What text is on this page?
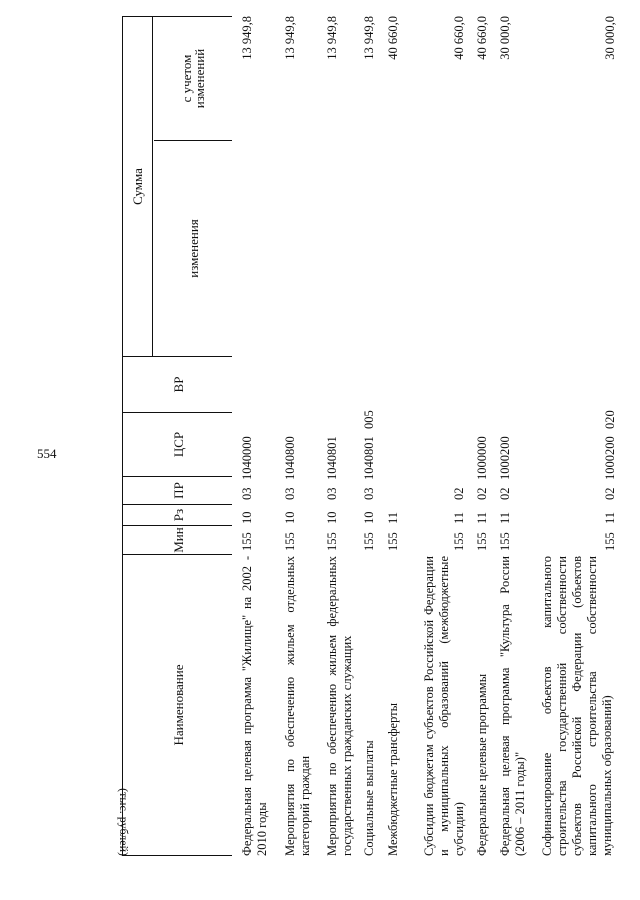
554
(тыс. рублей)
Наименование
Мин
Рз
ПР
ЦСР
ВР
Сумма
изменения
с учетом изменений
Федеральная целевая программа "Жилище" на 2002 - 2010 годы
155
10
03
1040000
13 949,8
Мероприятия по обеспечению жильем отдельных категорий граждан
155
10
03
1040800
13 949,8
Мероприятия по обеспечению жильем федеральных государственных гражданских служащих
155
10
03
1040801
13 949,8
Социальные выплаты
155
10
03
1040801
005
13 949,8
Межбюджетные трансферты
155
11
40 660,0
Субсидии бюджетам субъектов Российской Федерации и муниципальных образований (межбюджетные субсидии)
155
11
02
40 660,0
Федеральные целевые программы
155
11
02
1000000
40 660,0
Федеральная целевая программа "Культура России (2006 – 2011 годы)"
155
11
02
1000200
30 000,0
Софинансирование объектов капитального строительства государственной собственности субъектов Российской Федерации (объектов капитального строительства собственности муниципальных образований)
155
11
02
1000200
020
30 000,0
